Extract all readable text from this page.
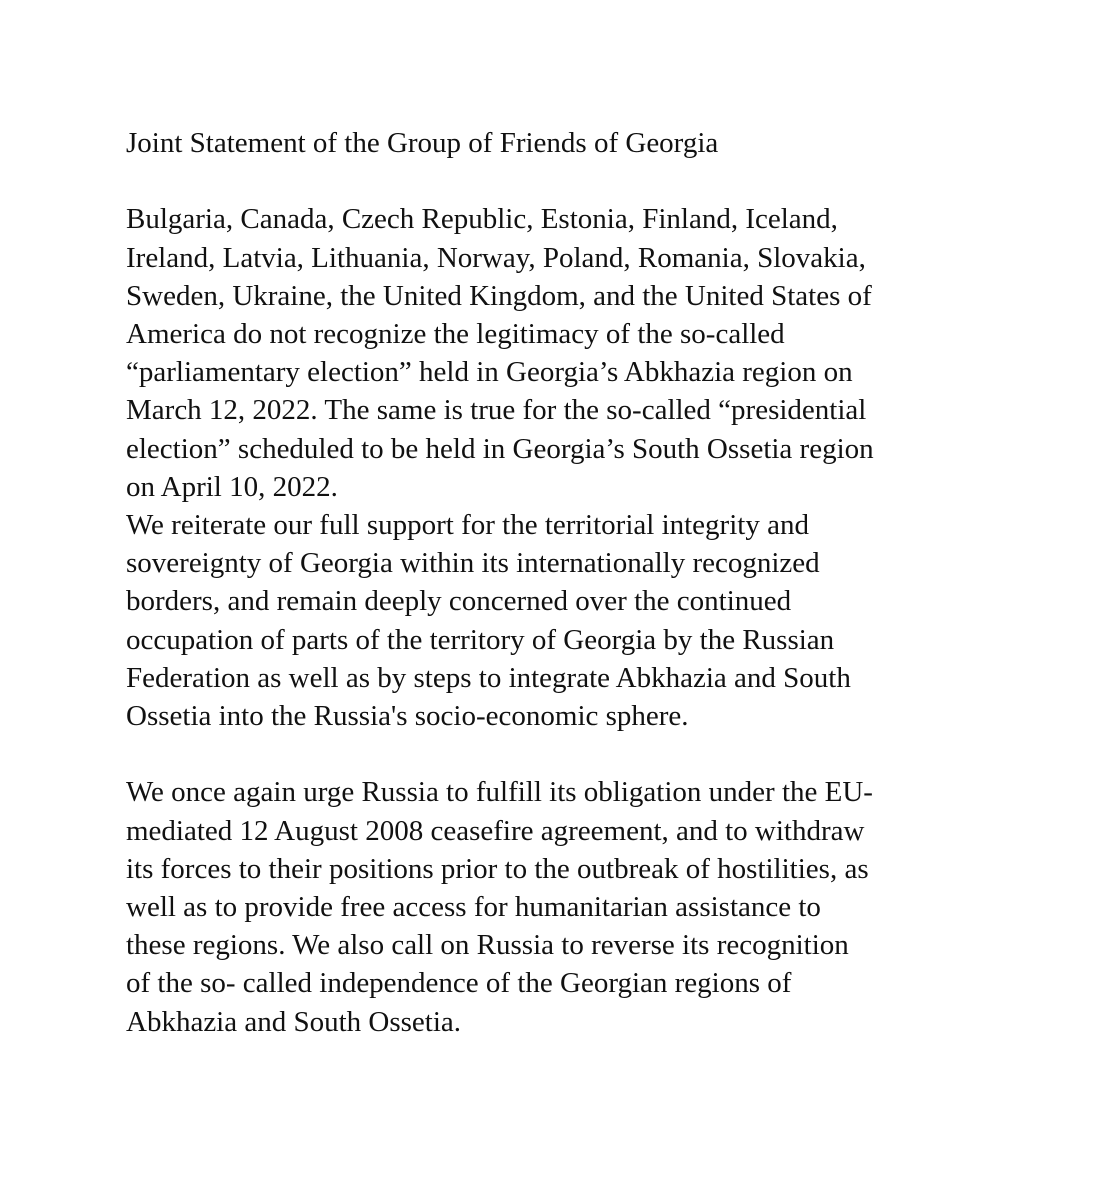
Joint Statement of the Group of Friends of Georgia
Bulgaria, Canada, Czech Republic, Estonia, Finland, Iceland,
Ireland, Latvia, Lithuania, Norway, Poland, Romania, Slovakia,
Sweden, Ukraine, the United Kingdom, and the United States of
America do not recognize the legitimacy of the so-called
“parliamentary election” held in Georgia’s Abkhazia region on
March 12, 2022. The same is true for the so-called “presidential
election” scheduled to be held in Georgia’s South Ossetia region
on April 10, 2022.
We reiterate our full support for the territorial integrity and
sovereignty of Georgia within its internationally recognized
borders, and remain deeply concerned over the continued
occupation of parts of the territory of Georgia by the Russian
Federation as well as by steps to integrate Abkhazia and South
Ossetia into the Russia's socio-economic sphere.
We once again urge Russia to fulfill its obligation under the EU-
mediated 12 August 2008 ceasefire agreement, and to withdraw
its forces to their positions prior to the outbreak of hostilities, as
well as to provide free access for humanitarian assistance to
these regions. We also call on Russia to reverse its recognition
of the so- called independence of the Georgian regions of
Abkhazia and South Ossetia.
